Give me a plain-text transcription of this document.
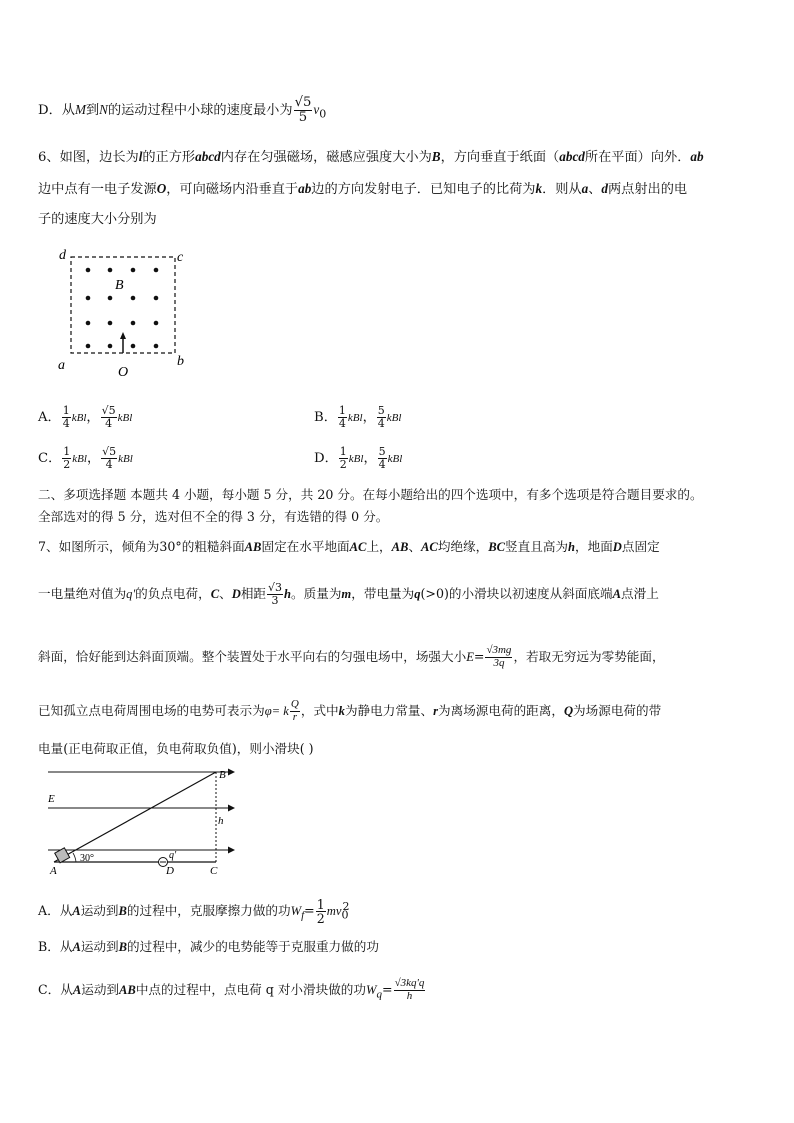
D．从M到N的运动过程中小球的速度最小为 $\frac{√5}{5} v_0$
6、如图，边长为l的正方形abcd内存在匀强磁场，磁感应强度大小为B，方向垂直于纸面（abcd所在平面）向外．ab
边中点有一电子发源O，可向磁场内沿垂直于ab边的方向发射电子．已知电子的比荷为k．则从a、d两点射出的电
子的速度大小分别为
d	c
a	b
B
O
A． $\frac{1}{4}$ kBl， $\frac{√5}{4}$ kBl	B． $\frac{1}{4}$ kBl， $\frac{5}{4}$ kBl
C． $\frac{1}{2}$ kBl， $\frac{√5}{4}$ kBl	D． $\frac{1}{2}$ kBl， $\frac{5}{4}$ kBl
二、多项选择题 本题共 4 小题，每小题 5 分，共 20 分。在每小题给出的四个选项中，有多个选项是符合题目要求的。
全部选对的得 5 分，选对但不全的得 3 分，有选错的得 0 分。
7、如图所示，倾角为30°的粗糙斜面AB固定在水平地面AC上，AB、AC均绝缘，BC竖直且高为h，地面D点固定
一电量绝对值为q'的负点电荷，C、D相距 $\frac{√3}{3}$ h。质量为m，带电量为q(>0)的小滑块以初速度从斜面底端A点滑上
斜面，恰好能到达斜面顶端。整个装置处于水平向右的匀强电场中，场强大小$E= \frac{√3mg}{3q}$ ，若取无穷远为零势能面，
已知孤立点电荷周围电场的电势可表示为φ= k $\frac{Q}{r}$ ，式中k为静电力常量、r为离场源电荷的距离，Q为场源电荷的带
电量(正电荷取正值，负电荷取负值)，则小滑块( )
B
E
h
30°	q'
A	D	C
A．从A运动到B的过程中，克服摩擦力做的功$W_f= \frac{1}{2} mv_0^2$
B．从A运动到B的过程中，减少的电势能等于克服重力做的功
C．从A运动到AB中点的过程中，点电荷 q 对小滑块做的功$W_q= \frac{√3kq'q}{h}$
